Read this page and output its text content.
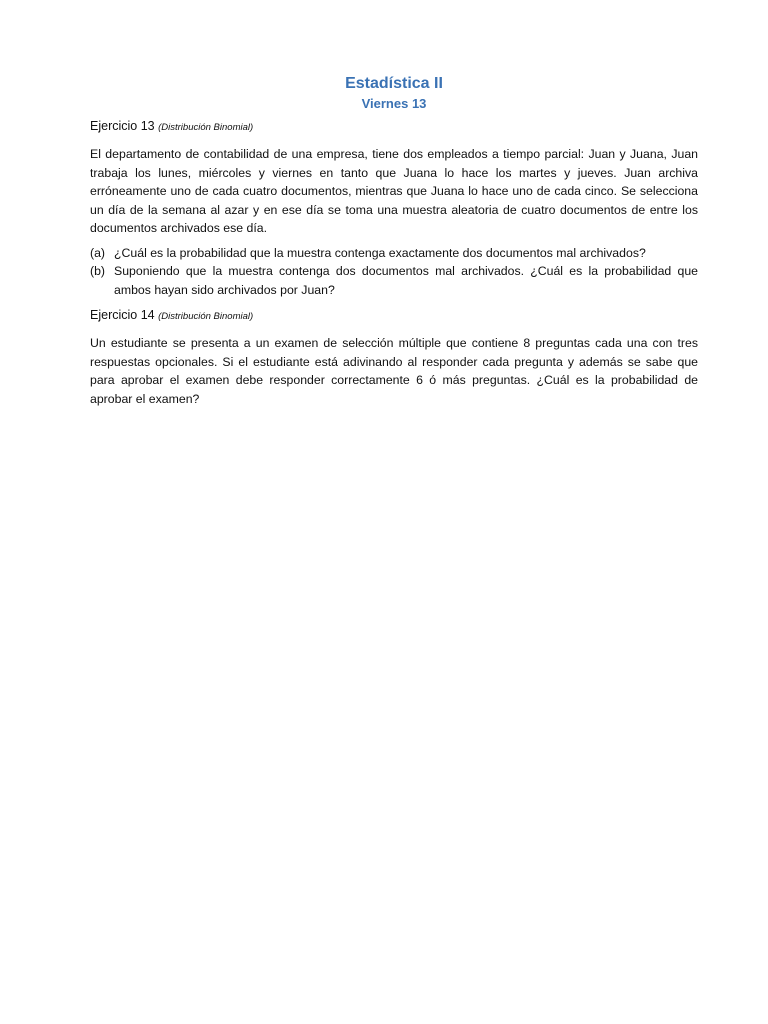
Estadística II
Viernes 13

Ejercicio 13 (Distribución Binomial)

El departamento de contabilidad de una empresa, tiene dos empleados a tiempo parcial: Juan y Juana, Juan trabaja los lunes, miércoles y viernes en tanto que Juana lo hace los martes y jueves. Juan archiva erróneamente uno de cada cuatro documentos, mientras que Juana lo hace uno de cada cinco. Se selecciona un día de la semana al azar y en ese día se toma una muestra aleatoria de cuatro documentos de entre los documentos archivados ese día.

(a) ¿Cuál es la probabilidad que la muestra contenga exactamente dos documentos mal archivados?
(b) Suponiendo que la muestra contenga dos documentos mal archivados. ¿Cuál es la probabilidad que ambos hayan sido archivados por Juan?

Ejercicio 14 (Distribución Binomial)

Un estudiante se presenta a un examen de selección múltiple que contiene 8 preguntas cada una con tres respuestas opcionales. Si el estudiante está adivinando al responder cada pregunta y además se sabe que para aprobar el examen debe responder correctamente 6 ó más preguntas. ¿Cuál es la probabilidad de aprobar el examen?
